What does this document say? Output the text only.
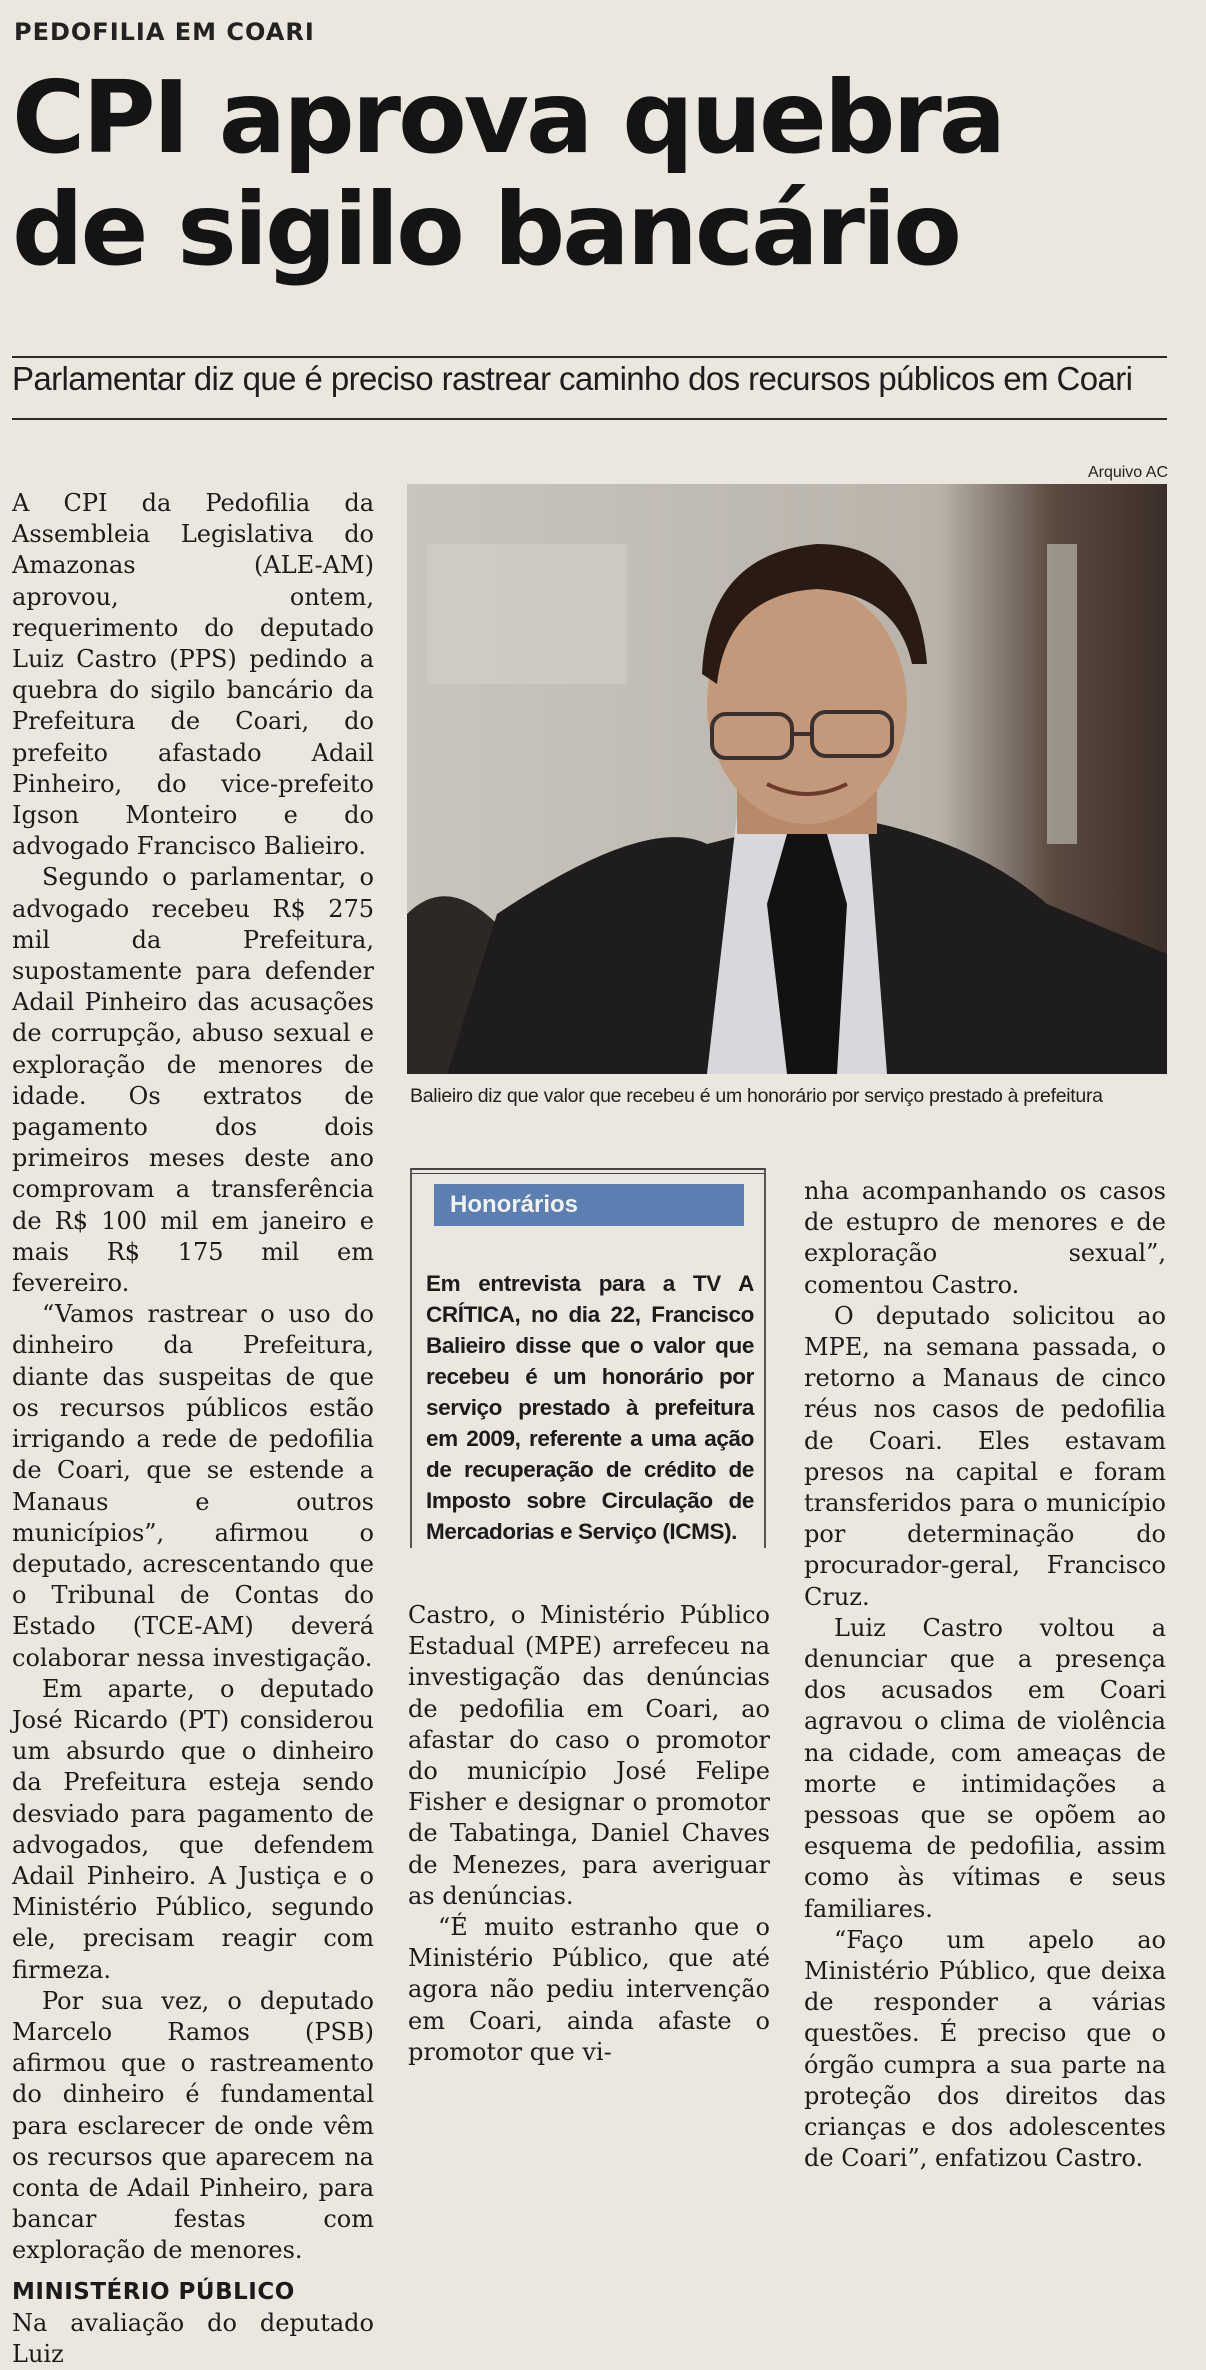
PEDOFILIA EM COARI
CPI aprova quebra de sigilo bancário
Parlamentar diz que é preciso rastrear caminho dos recursos públicos em Coari

A CPI da Pedofilia da Assembleia Legislativa do Amazonas (ALE-AM) aprovou, ontem, requerimento do deputado Luiz Castro (PPS) pedindo a quebra do sigilo bancário da Prefeitura de Coari, do prefeito afastado Adail Pinheiro, do vice-prefeito Igson Monteiro e do advogado Francisco Balieiro.

Segundo o parlamentar, o advogado recebeu R$ 275 mil da Prefeitura, supostamente para defender Adail Pinheiro das acusações de corrupção, abuso sexual e exploração de menores de idade. Os extratos de pagamento dos dois primeiros meses deste ano comprovam a transferência de R$ 100 mil em janeiro e mais R$ 175 mil em fevereiro.

“Vamos rastrear o uso do dinheiro da Prefeitura, diante das suspeitas de que os recursos públicos estão irrigando a rede de pedofilia de Coari, que se estende a Manaus e outros municípios”, afirmou o deputado, acrescentando que o Tribunal de Contas do Estado (TCE-AM) deverá colaborar nessa investigação.

Em aparte, o deputado José Ricardo (PT) considerou um absurdo que o dinheiro da Prefeitura esteja sendo desviado para pagamento de advogados, que defendem Adail Pinheiro. A Justiça e o Ministério Público, segundo ele, precisam reagir com firmeza.

Por sua vez, o deputado Marcelo Ramos (PSB) afirmou que o rastreamento do dinheiro é fundamental para esclarecer de onde vêm os recursos que aparecem na conta de Adail Pinheiro, para bancar festas com exploração de menores.

MINISTÉRIO PÚBLICO

Na avaliação do deputado Luiz

Arquivo AC
Balieiro diz que valor que recebeu é um honorário por serviço prestado à prefeitura
Honorários
Em entrevista para a TV A CRÍTICA, no dia 22, Francisco Balieiro disse que o valor que recebeu é um honorário por serviço prestado à prefeitura em 2009, referente a uma ação de recuperação de crédito de Imposto sobre Circulação de Mercadorias e Serviço (ICMS).

Castro, o Ministério Público Estadual (MPE) arrefeceu na investigação das denúncias de pedofilia em Coari, ao afastar do caso o promotor do município José Felipe Fisher e designar o promotor de Tabatinga, Daniel Chaves de Menezes, para averiguar as denúncias.

“É muito estranho que o Ministério Público, que até agora não pediu intervenção em Coari, ainda afaste o promotor que vi-

nha acompanhando os casos de estupro de menores e de exploração sexual”, comentou Castro.

O deputado solicitou ao MPE, na semana passada, o retorno a Manaus de cinco réus nos casos de pedofilia de Coari. Eles estavam presos na capital e foram transferidos para o município por determinação do procurador-geral, Francisco Cruz.

Luiz Castro voltou a denunciar que a presença dos acusados em Coari agravou o clima de violência na cidade, com ameaças de morte e intimidações a pessoas que se opõem ao esquema de pedofilia, assim como às vítimas e seus familiares.

“Faço um apelo ao Ministério Público, que deixa de responder a várias questões. É preciso que o órgão cumpra a sua parte na proteção dos direitos das crianças e dos adolescentes de Coari”, enfatizou Castro.
